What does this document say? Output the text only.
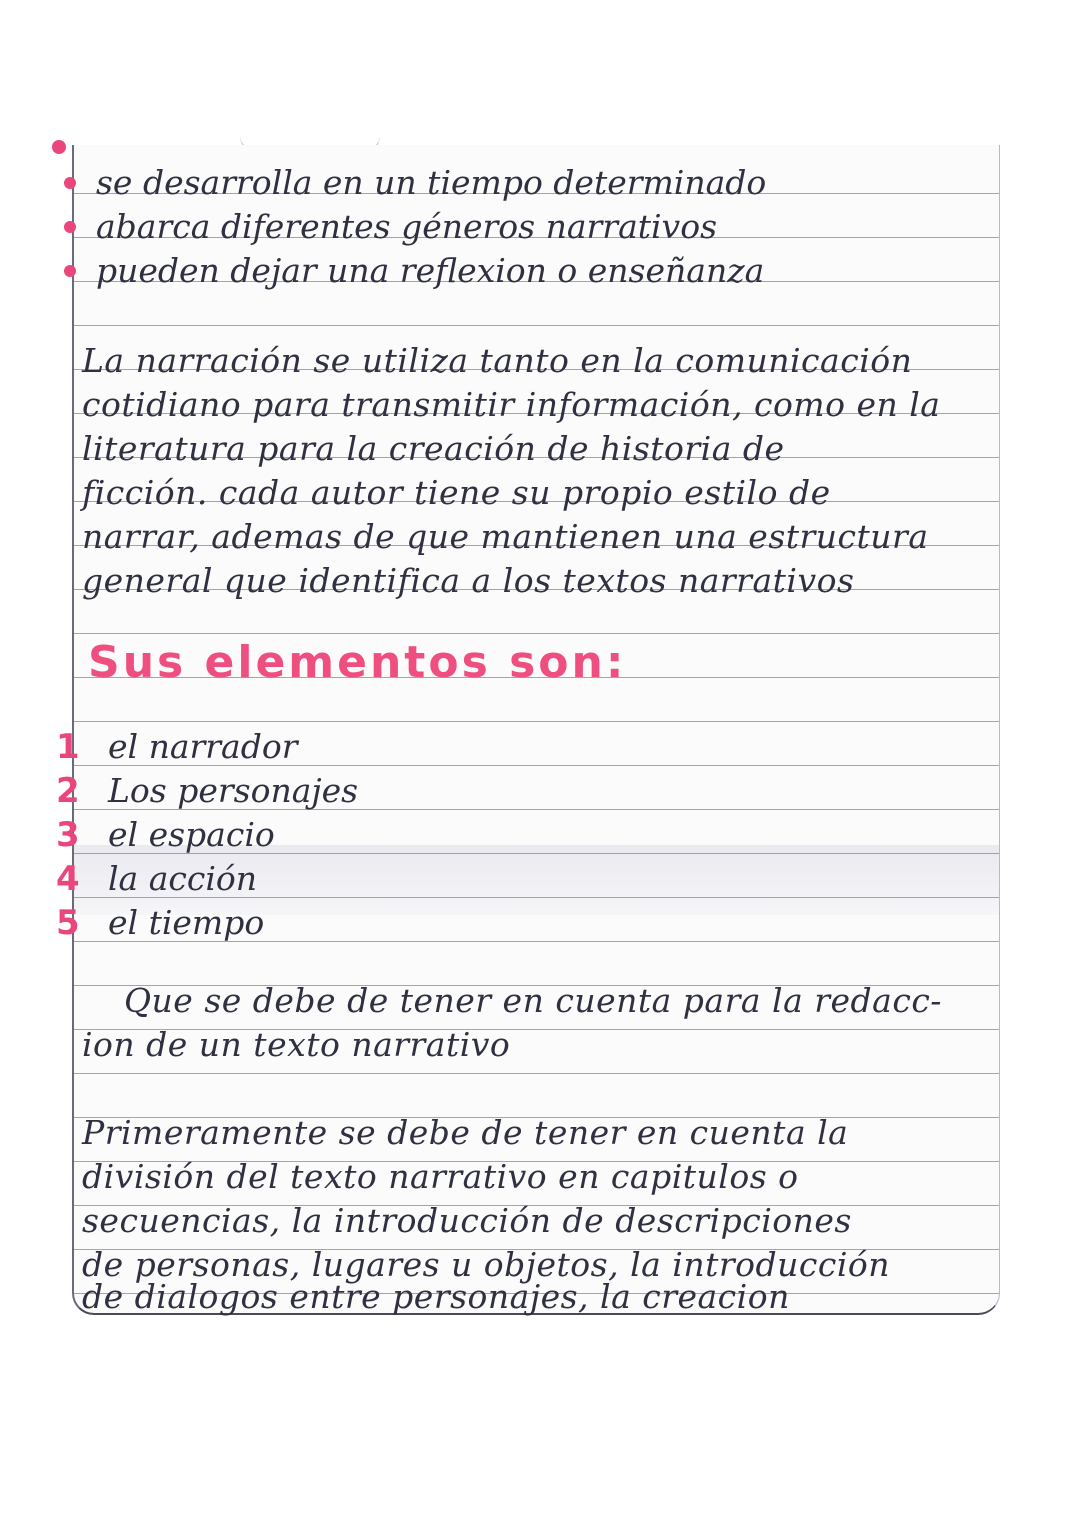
se desarrolla en un tiempo determinado
abarca diferentes géneros narrativos
pueden dejar una reflexion o enseñanza
La narración se utiliza tanto en la comunicación
cotidiano para transmitir información, como en la
literatura para la creación de historia de
ficción. cada autor tiene su propio estilo de
narrar, ademas de que mantienen una estructura
general que identifica a los textos narrativos
Sus elementos son:
1 el narrador
2 Los personajes
3 el espacio
4 la acción
5 el tiempo
Que se debe de tener en cuenta para la redacc-
ion de un texto narrativo
Primeramente se debe de tener en cuenta la
división del texto narrativo en capitulos o
secuencias, la introducción de descripciones
de personas, lugares u objetos, la introducción
de dialogos entre personajes, la creacion
